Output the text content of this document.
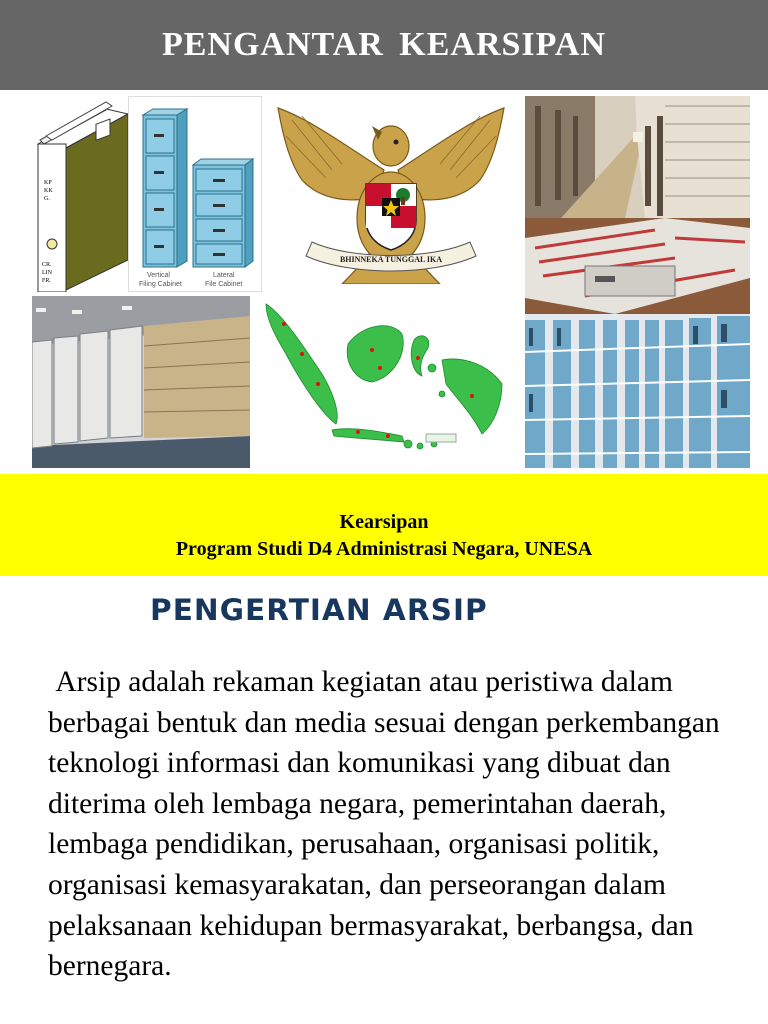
PENGANTAR KEARSIPAN
KP
KK
G.
CR.
LIN
FR.
Vertical
Filing Cabinet
Lateral
File Cabinet
BHINNEKA TUNGGAL IKA
Kearsipan
Program Studi D4 Administrasi Negara, UNESA
PENGERTIAN ARSIP

Arsip adalah rekaman kegiatan atau peristiwa dalam berbagai bentuk dan media sesuai dengan perkembangan teknologi informasi dan komunikasi yang dibuat dan diterima oleh lembaga negara, pemerintahan daerah, lembaga pendidikan, perusahaan, organisasi politik, organisasi kemasyarakatan, dan perseorangan dalam pelaksanaan kehidupan bermasyarakat, berbangsa, dan bernegara.
